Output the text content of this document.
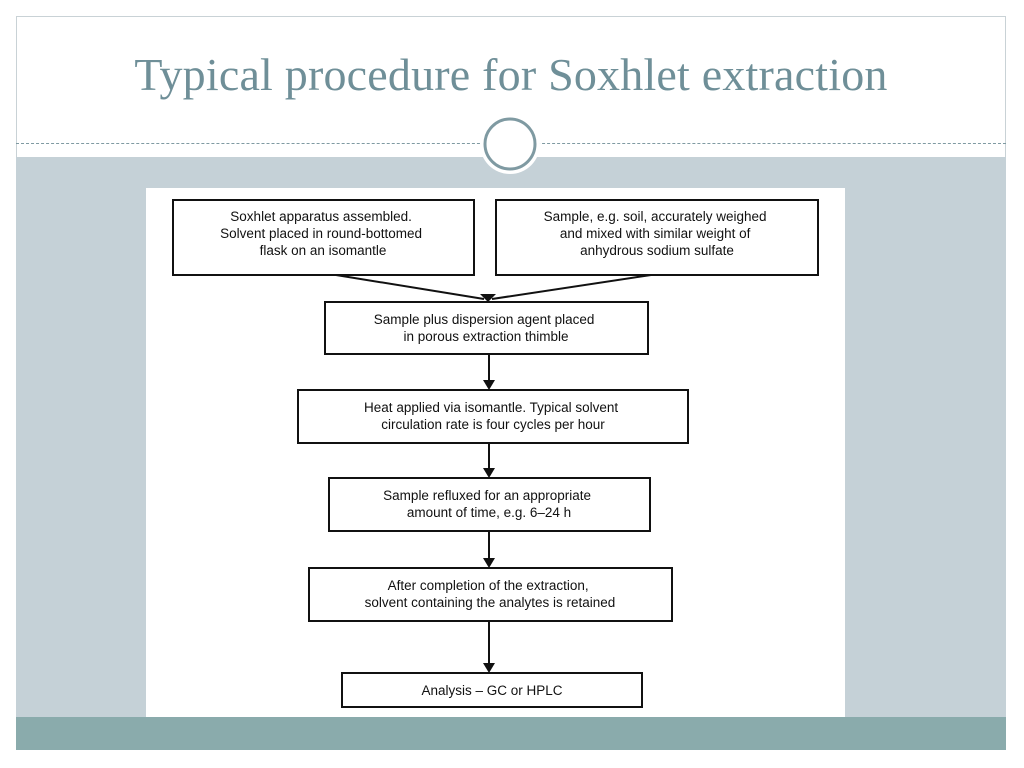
Typical procedure for Soxhlet extraction
Soxhlet apparatus assembled. Solvent placed in round-bottomed flask on an isomantle
Sample, e.g. soil, accurately weighed and mixed with similar weight of anhydrous sodium sulfate
Sample plus dispersion agent placed in porous extraction thimble
Heat applied via isomantle. Typical solvent circulation rate is four cycles per hour
Sample refluxed for an appropriate amount of time, e.g. 6–24 h
After completion of the extraction, solvent containing the analytes is retained
Analysis – GC or HPLC
